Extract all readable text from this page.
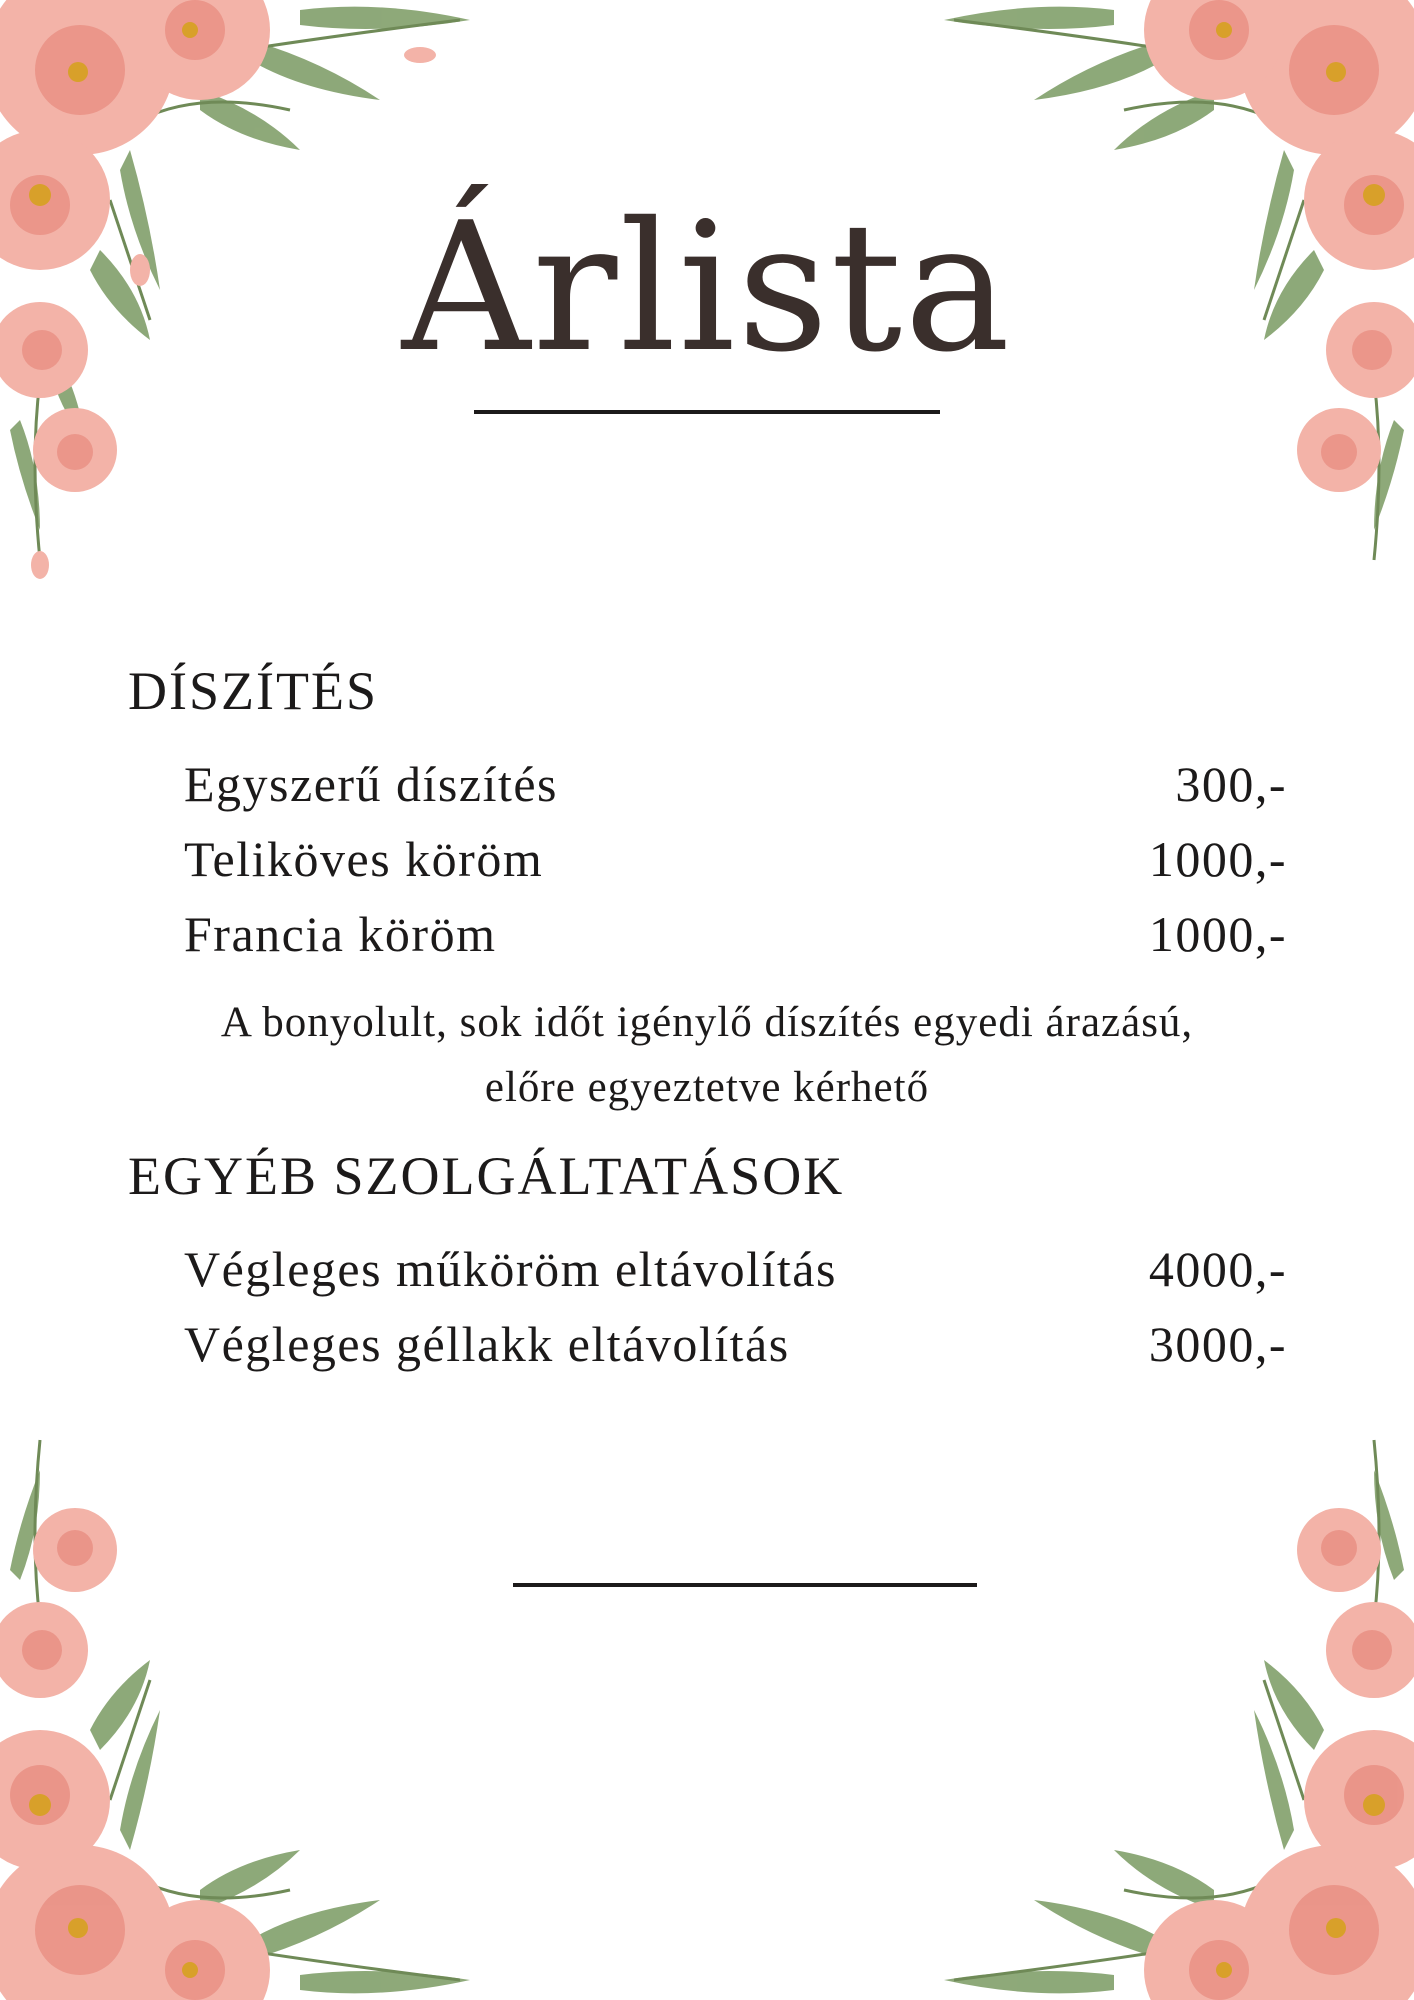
Árlista
DÍSZÍTÉS
Egyszerű díszítés	300,-
Teliköves köröm	1000,-
Francia köröm	1000,-
A bonyolult, sok időt igénylő díszítés egyedi árazású,
előre egyeztetve kérhető
EGYÉB SZOLGÁLTATÁSOK
Végleges műköröm eltávolítás	4000,-
Végleges géllakk eltávolítás	3000,-
